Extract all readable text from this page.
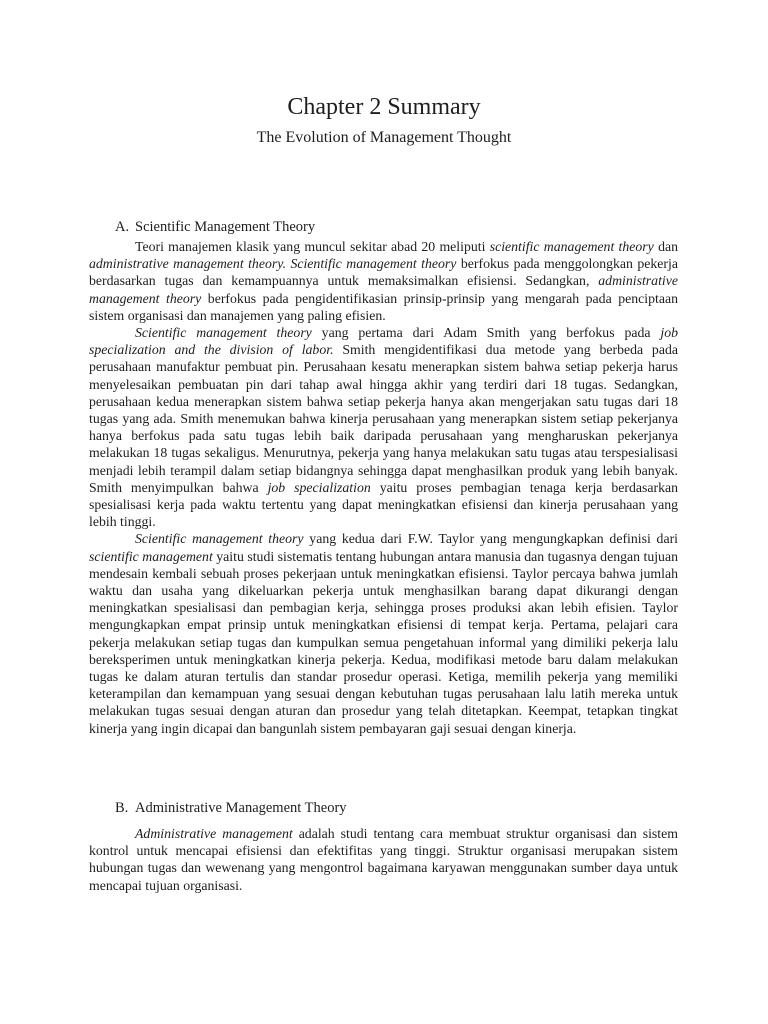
Chapter 2 Summary
The Evolution of Management Thought
A. Scientific Management Theory

Teori manajemen klasik yang muncul sekitar abad 20 meliputi scientific management theory dan administrative management theory. Scientific management theory berfokus pada menggolongkan pekerja berdasarkan tugas dan kemampuannya untuk memaksimalkan efisiensi. Sedangkan, administrative management theory berfokus pada pengidentifikasian prinsip-prinsip yang mengarah pada penciptaan sistem organisasi dan manajemen yang paling efisien.

Scientific management theory yang pertama dari Adam Smith yang berfokus pada job specialization and the division of labor. Smith mengidentifikasi dua metode yang berbeda pada perusahaan manufaktur pembuat pin. Perusahaan kesatu menerapkan sistem bahwa setiap pekerja harus menyelesaikan pembuatan pin dari tahap awal hingga akhir yang terdiri dari 18 tugas. Sedangkan, perusahaan kedua menerapkan sistem bahwa setiap pekerja hanya akan mengerjakan satu tugas dari 18 tugas yang ada. Smith menemukan bahwa kinerja perusahaan yang menerapkan sistem setiap pekerjanya hanya berfokus pada satu tugas lebih baik daripada perusahaan yang mengharuskan pekerjanya melakukan 18 tugas sekaligus. Menurutnya, pekerja yang hanya melakukan satu tugas atau terspesialisasi menjadi lebih terampil dalam setiap bidangnya sehingga dapat menghasilkan produk yang lebih banyak. Smith menyimpulkan bahwa job specialization yaitu proses pembagian tenaga kerja berdasarkan spesialisasi kerja pada waktu tertentu yang dapat meningkatkan efisiensi dan kinerja perusahaan yang lebih tinggi.

Scientific management theory yang kedua dari F.W. Taylor yang mengungkapkan definisi dari scientific management yaitu studi sistematis tentang hubungan antara manusia dan tugasnya dengan tujuan mendesain kembali sebuah proses pekerjaan untuk meningkatkan efisiensi. Taylor percaya bahwa jumlah waktu dan usaha yang dikeluarkan pekerja untuk menghasilkan barang dapat dikurangi dengan meningkatkan spesialisasi dan pembagian kerja, sehingga proses produksi akan lebih efisien. Taylor mengungkapkan empat prinsip untuk meningkatkan efisiensi di tempat kerja. Pertama, pelajari cara pekerja melakukan setiap tugas dan kumpulkan semua pengetahuan informal yang dimiliki pekerja lalu bereksperimen untuk meningkatkan kinerja pekerja. Kedua, modifikasi metode baru dalam melakukan tugas ke dalam aturan tertulis dan standar prosedur operasi. Ketiga, memilih pekerja yang memiliki keterampilan dan kemampuan yang sesuai dengan kebutuhan tugas perusahaan lalu latih mereka untuk melakukan tugas sesuai dengan aturan dan prosedur yang telah ditetapkan. Keempat, tetapkan tingkat kinerja yang ingin dicapai dan bangunlah sistem pembayaran gaji sesuai dengan kinerja.

B. Administrative Management Theory

Administrative management adalah studi tentang cara membuat struktur organisasi dan sistem kontrol untuk mencapai efisiensi dan efektifitas yang tinggi. Struktur organisasi merupakan sistem hubungan tugas dan wewenang yang mengontrol bagaimana karyawan menggunakan sumber daya untuk mencapai tujuan organisasi.
